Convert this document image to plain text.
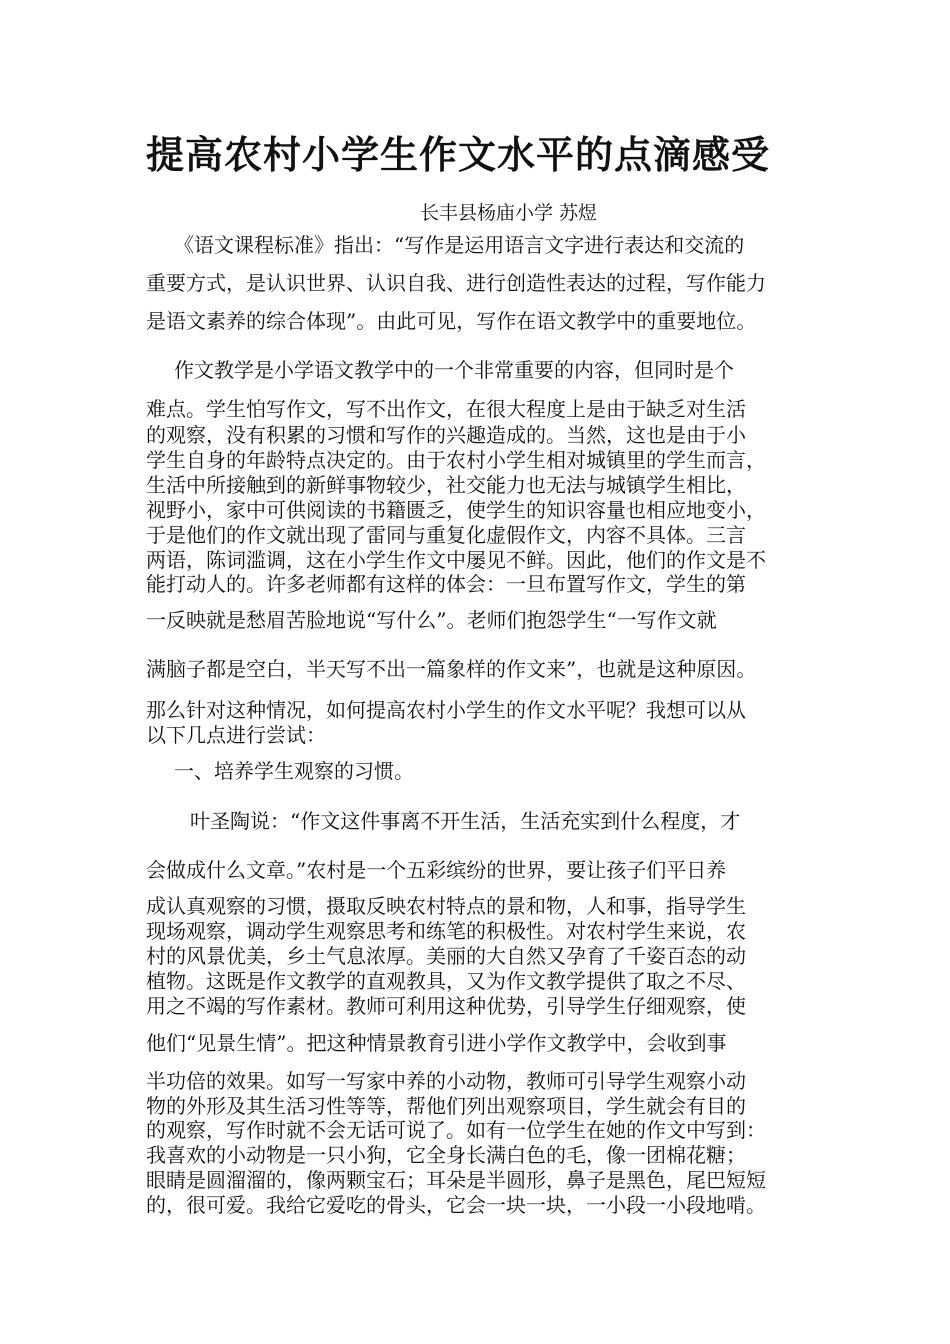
提高农村小学生作文水平的点滴感受
长丰县杨庙小学 苏煜
《语文课程标准》指出：“写作是运用语言文字进行表达和交流的
重要方式，是认识世界、认识自我、进行创造性表达的过程，写作能力
是语文素养的综合体现”。由此可见，写作在语文教学中的重要地位。
作文教学是小学语文教学中的一个非常重要的内容，但同时是个
难点。学生怕写作文，写不出作文，在很大程度上是由于缺乏对生活
的观察，没有积累的习惯和写作的兴趣造成的。当然，这也是由于小
学生自身的年龄特点决定的。由于农村小学生相对城镇里的学生而言，
生活中所接触到的新鲜事物较少，社交能力也无法与城镇学生相比，
视野小，家中可供阅读的书籍匮乏，使学生的知识容量也相应地变小，
于是他们的作文就出现了雷同与重复化虚假作文，内容不具体。三言
两语，陈词滥调，这在小学生作文中屡见不鲜。因此，他们的作文是不
能打动人的。许多老师都有这样的体会：一旦布置写作文，学生的第
一反映就是愁眉苦脸地说“写什么”。老师们抱怨学生“一写作文就
满脑子都是空白，半天写不出一篇象样的作文来”，也就是这种原因。
那么针对这种情况，如何提高农村小学生的作文水平呢？我想可以从
以下几点进行尝试：
一、培养学生观察的习惯。
叶圣陶说：“作文这件事离不开生活，生活充实到什么程度，才
会做成什么文章。”农村是一个五彩缤纷的世界，要让孩子们平日养
成认真观察的习惯，摄取反映农村特点的景和物，人和事，指导学生
现场观察，调动学生观察思考和练笔的积极性。对农村学生来说，农
村的风景优美，乡土气息浓厚。美丽的大自然又孕育了千姿百态的动
植物。这既是作文教学的直观教具，又为作文教学提供了取之不尽、
用之不竭的写作素材。教师可利用这种优势，引导学生仔细观察，使
他们“见景生情”。把这种情景教育引进小学作文教学中，会收到事
半功倍的效果。如写一写家中养的小动物，教师可引导学生观察小动
物的外形及其生活习性等等，帮他们列出观察项目，学生就会有目的
的观察，写作时就不会无话可说了。如有一位学生在她的作文中写到：
我喜欢的小动物是一只小狗，它全身长满白色的毛，像一团棉花糖；
眼睛是圆溜溜的，像两颗宝石；耳朵是半圆形，鼻子是黑色，尾巴短短
的，很可爱。我给它爱吃的骨头，它会一块一块，一小段一小段地啃。
